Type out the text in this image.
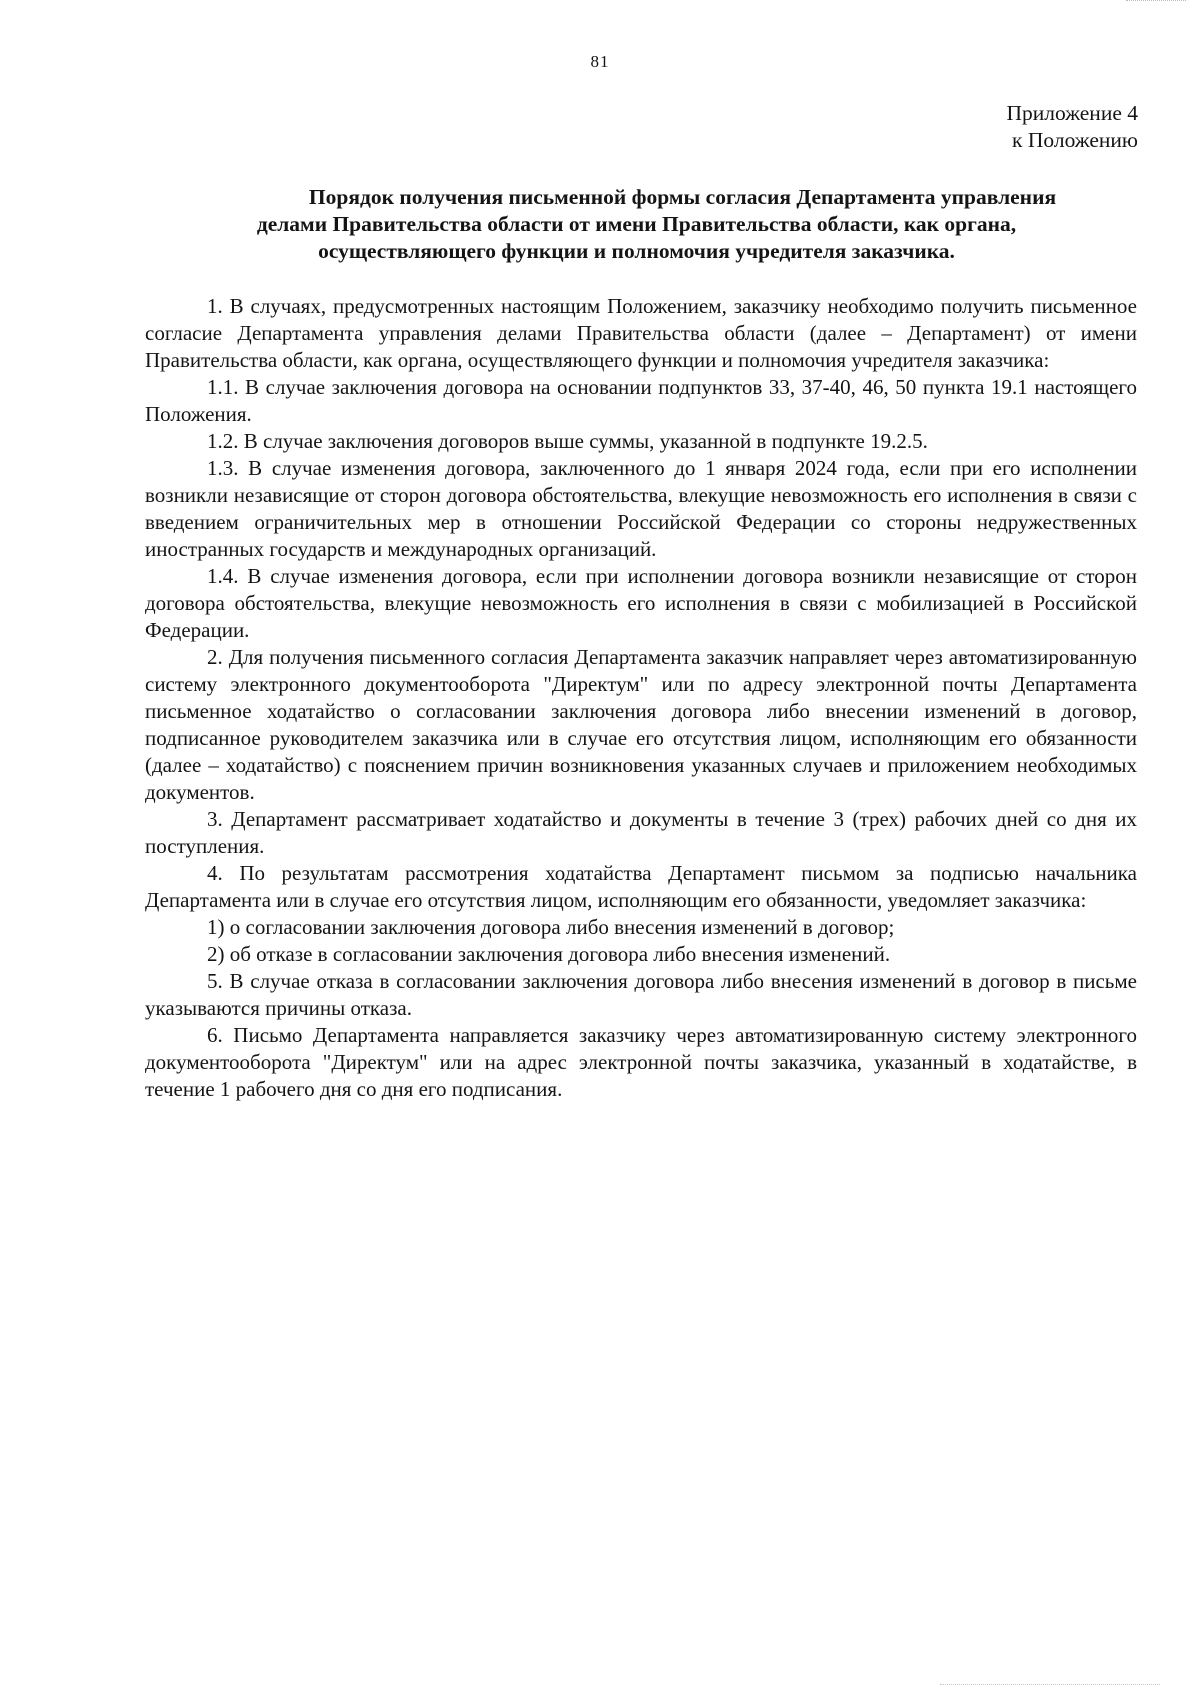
81
Приложение 4
к Положению
Порядок получения письменной формы согласия Департамента управления
делами Правительства области от имени Правительства области, как органа,
осуществляющего функции и полномочия учредителя заказчика.

1. В случаях, предусмотренных настоящим Положением, заказчику необходимо получить письменное согласие Департамента управления делами Правительства области (далее – Департамент) от имени Правительства области, как органа, осуществляющего функции и полномочия учредителя заказчика:

1.1. В случае заключения договора на основании подпунктов 33, 37-40, 46, 50 пункта 19.1 настоящего Положения.

1.2. В случае заключения договоров выше суммы, указанной в подпункте 19.2.5.

1.3. В случае изменения договора, заключенного до 1 января 2024 года, если при его исполнении возникли независящие от сторон договора обстоятельства, влекущие невозможность его исполнения в связи с введением ограничительных мер в отношении Российской Федерации со стороны недружественных иностранных государств и международных организаций.

1.4. В случае изменения договора, если при исполнении договора возникли независящие от сторон договора обстоятельства, влекущие невозможность его исполнения в связи с мобилизацией в Российской Федерации.

2. Для получения письменного согласия Департамента заказчик направляет через автоматизированную систему электронного документооборота "Директум" или по адресу электронной почты Департамента письменное ходатайство о согласовании заключения договора либо внесении изменений в договор, подписанное руководителем заказчика или в случае его отсутствия лицом, исполняющим его обязанности (далее – ходатайство) с пояснением причин возникновения указанных случаев и приложением необходимых документов.

3. Департамент рассматривает ходатайство и документы в течение 3 (трех) рабочих дней со дня их поступления.

4. По результатам рассмотрения ходатайства Департамент письмом за подписью начальника Департамента или в случае его отсутствия лицом, исполняющим его обязанности, уведомляет заказчика:

1) о согласовании заключения договора либо внесения изменений в договор;

2) об отказе в согласовании заключения договора либо внесения изменений.

5. В случае отказа в согласовании заключения договора либо внесения изменений в договор в письме указываются причины отказа.

6. Письмо Департамента направляется заказчику через автоматизированную систему электронного документооборота "Директум" или на адрес электронной почты заказчика, указанный в ходатайстве, в течение 1 рабочего дня со дня его подписания.
